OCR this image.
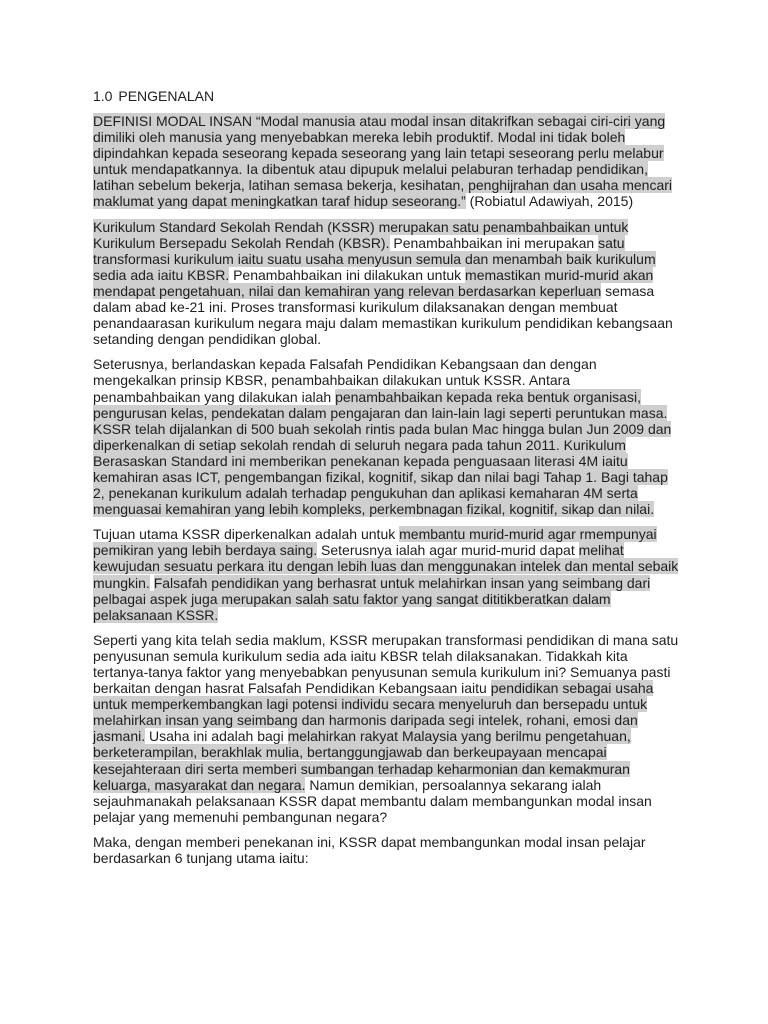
1.0 PENGENALAN

DEFINISI MODAL INSAN “Modal manusia atau modal insan ditakrifkan sebagai ciri-ciri yang dimiliki oleh manusia yang menyebabkan mereka lebih produktif. Modal ini tidak boleh dipindahkan kepada seseorang kepada seseorang yang lain tetapi seseorang perlu melabur untuk mendapatkannya. Ia dibentuk atau dipupuk melalui pelaburan terhadap pendidikan, latihan sebelum bekerja, latihan semasa bekerja, kesihatan, penghijrahan dan usaha mencari maklumat yang dapat meningkatkan taraf hidup seseorang.” (Robiatul Adawiyah, 2015)

Kurikulum Standard Sekolah Rendah (KSSR) merupakan satu penambahbaikan untuk Kurikulum Bersepadu Sekolah Rendah (KBSR). Penambahbaikan ini merupakan satu transformasi kurikulum iaitu suatu usaha menyusun semula dan menambah baik kurikulum sedia ada iaitu KBSR. Penambahbaikan ini dilakukan untuk memastikan murid-murid akan mendapat pengetahuan, nilai dan kemahiran yang relevan berdasarkan keperluan semasa dalam abad ke-21 ini. Proses transformasi kurikulum dilaksanakan dengan membuat penandaarasan kurikulum negara maju dalam memastikan kurikulum pendidikan kebangsaan setanding dengan pendidikan global.

Seterusnya, berlandaskan kepada Falsafah Pendidikan Kebangsaan dan dengan mengekalkan prinsip KBSR, penambahbaikan dilakukan untuk KSSR. Antara penambahbaikan yang dilakukan ialah penambahbaikan kepada reka bentuk organisasi, pengurusan kelas, pendekatan dalam pengajaran dan lain-lain lagi seperti peruntukan masa. KSSR telah dijalankan di 500 buah sekolah rintis pada bulan Mac hingga bulan Jun 2009 dan diperkenalkan di setiap sekolah rendah di seluruh negara pada tahun 2011. Kurikulum Berasaskan Standard ini memberikan penekanan kepada penguasaan literasi 4M iaitu kemahiran asas ICT, pengembangan fizikal, kognitif, sikap dan nilai bagi Tahap 1. Bagi tahap 2, penekanan kurikulum adalah terhadap pengukuhan dan aplikasi kemaharan 4M serta menguasai kemahiran yang lebih kompleks, perkembnagan fizikal, kognitif, sikap dan nilai.

Tujuan utama KSSR diperkenalkan adalah untuk membantu murid-murid agar rmempunyai pemikiran yang lebih berdaya saing. Seterusnya ialah agar murid-murid dapat melihat kewujudan sesuatu perkara itu dengan lebih luas dan menggunakan intelek dan mental sebaik mungkin. Falsafah pendidikan yang berhasrat untuk melahirkan insan yang seimbang dari pelbagai aspek juga merupakan salah satu faktor yang sangat dititikberatkan dalam pelaksanaan KSSR.

Seperti yang kita telah sedia maklum, KSSR merupakan transformasi pendidikan di mana satu penyusunan semula kurikulum sedia ada iaitu KBSR telah dilaksanakan. Tidakkah kita tertanya-tanya faktor yang menyebabkan penyusunan semula kurikulum ini? Semuanya pasti berkaitan dengan hasrat Falsafah Pendidikan Kebangsaan iaitu pendidikan sebagai usaha untuk memperkembangkan lagi potensi individu secara menyeluruh dan bersepadu untuk melahirkan insan yang seimbang dan harmonis daripada segi intelek, rohani, emosi dan jasmani. Usaha ini adalah bagi melahirkan rakyat Malaysia yang berilmu pengetahuan, berketerampilan, berakhlak mulia, bertanggungjawab dan berkeupayaan mencapai kesejahteraan diri serta memberi sumbangan terhadap keharmonian dan kemakmuran keluarga, masyarakat dan negara. Namun demikian, persoalannya sekarang ialah sejauhmanakah pelaksanaan KSSR dapat membantu dalam membangunkan modal insan pelajar yang memenuhi pembangunan negara?

Maka, dengan memberi penekanan ini, KSSR dapat membangunkan modal insan pelajar berdasarkan 6 tunjang utama iaitu:
